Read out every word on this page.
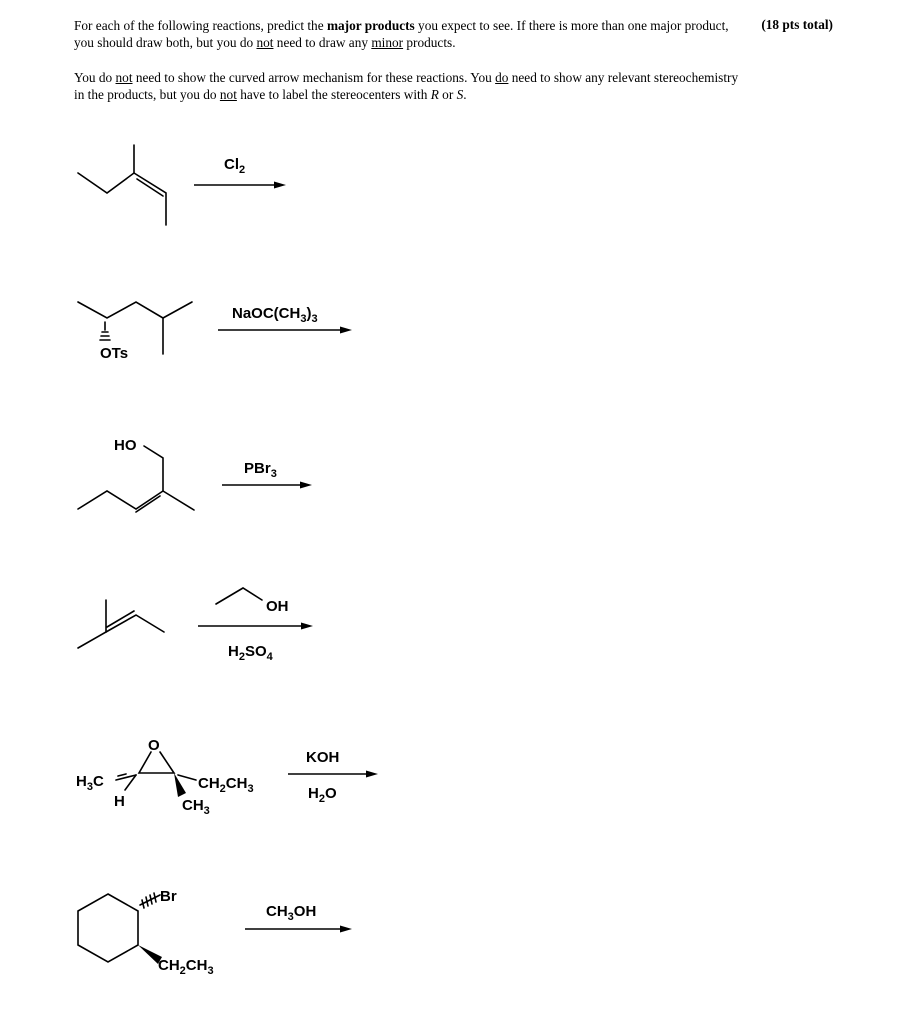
(18 pts total)
For each of the following reactions, predict the major products you expect to see. If there is more than one major product, you should draw both, but you do not need to draw any minor products.
You do not need to show the curved arrow mechanism for these reactions. You do need to show any relevant stereochemistry in the products, but you do not have to label the stereocenters with R or S.
$Cl_2$
OTs
$NaOC(CH_3)_3$
HO
PBr$_3$
OH
$H_2SO_4$
O
$H_3C$
H
$CH_2CH_3$
$CH_3$
KOH
$H_2O$
Br
$CH_2CH_3$
$CH_3OH$
